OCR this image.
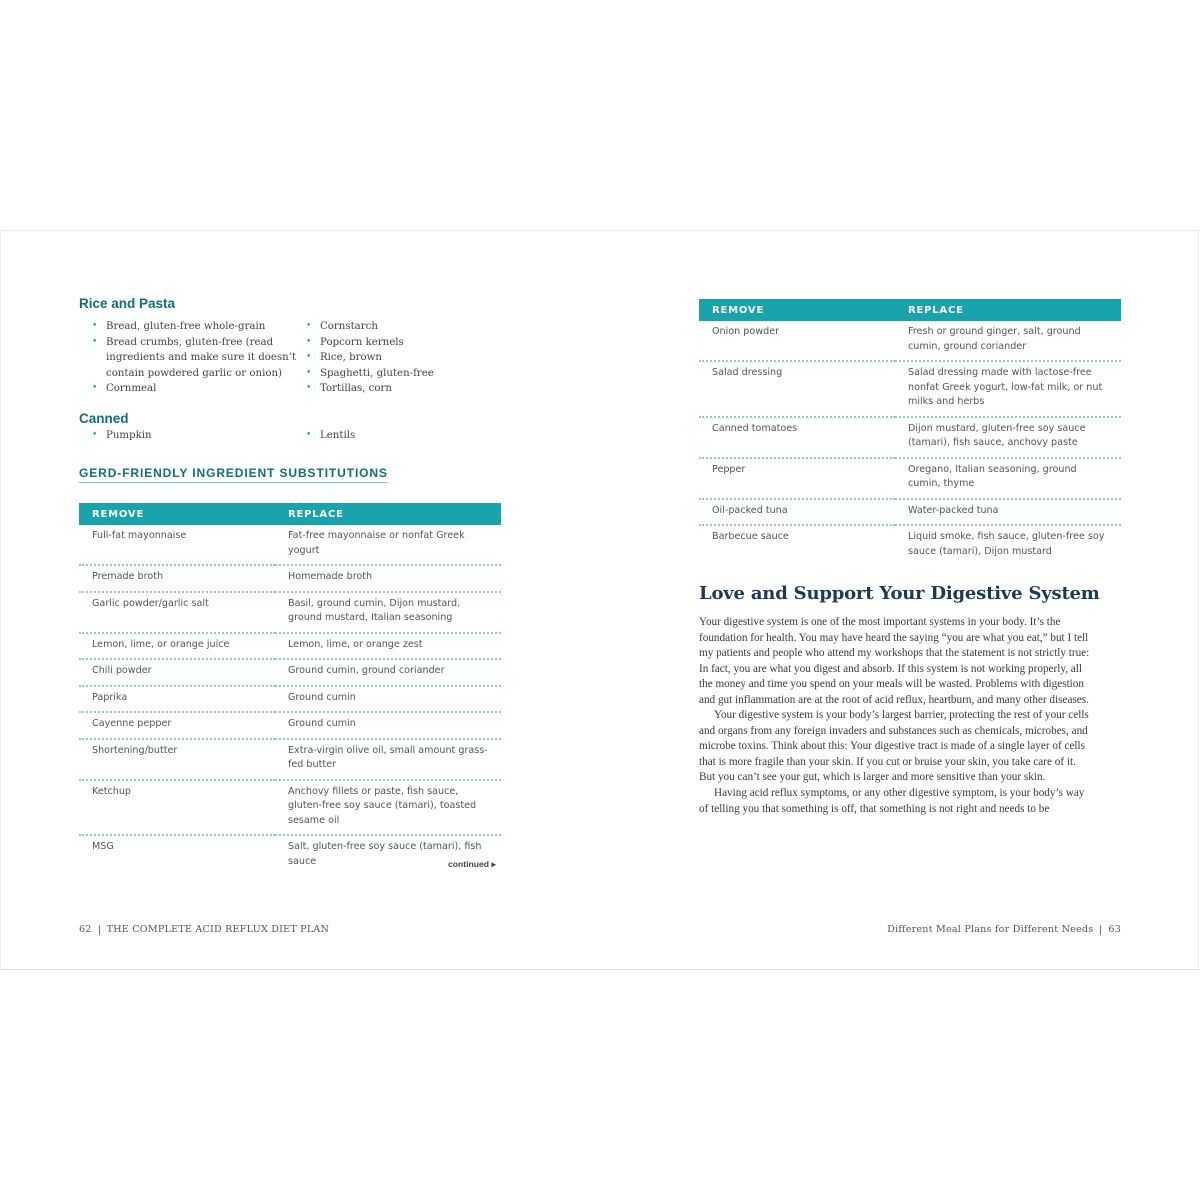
Rice and Pasta
• Bread, gluten-free whole-grain
• Bread crumbs, gluten-free (read ingredients and make sure it doesn’t contain powdered garlic or onion)
• Cornmeal
• Cornstarch
• Popcorn kernels
• Rice, brown
• Spaghetti, gluten-free
• Tortillas, corn
Canned
• Pumpkin	• Lentils
GERD-FRIENDLY INGREDIENT SUBSTITUTIONS
REMOVE	REPLACE
Full-fat mayonnaise	Fat-free mayonnaise or nonfat Greek yogurt
Premade broth	Homemade broth
Garlic powder/garlic salt	Basil, ground cumin, Dijon mustard, ground mustard, Italian seasoning
Lemon, lime, or orange juice	Lemon, lime, or orange zest
Chili powder	Ground cumin, ground coriander
Paprika	Ground cumin
Cayenne pepper	Ground cumin
Shortening/butter	Extra-virgin olive oil, small amount grass-fed butter
Ketchup	Anchovy fillets or paste, fish sauce, gluten-free soy sauce (tamari), toasted sesame oil
MSG	Salt, gluten-free soy sauce (tamari), fish sauce	continued ▸
62 THE COMPLETE ACID REFLUX DIET PLAN
REMOVE	REPLACE
Onion powder	Fresh or ground ginger, salt, ground cumin, ground coriander
Salad dressing	Salad dressing made with lactose-free nonfat Greek yogurt, low-fat milk, or nut milks and herbs
Canned tomatoes	Dijon mustard, gluten-free soy sauce (tamari), fish sauce, anchovy paste
Pepper	Oregano, Italian seasoning, ground cumin, thyme
Oil-packed tuna	Water-packed tuna
Barbecue sauce	Liquid smoke, fish sauce, gluten-free soy sauce (tamari), Dijon mustard
Love and Support Your Digestive System

Your digestive system is one of the most important systems in your body. It’s the foundation for health. You may have heard the saying “you are what you eat,” but I tell my patients and people who attend my workshops that the statement is not strictly true: In fact, you are what you digest and absorb. If this system is not working properly, all the money and time you spend on your meals will be wasted. Problems with digestion and gut inflammation are at the root of acid reflux, heartburn, and many other diseases.

Your digestive system is your body’s largest barrier, protecting the rest of your cells and organs from any foreign invaders and substances such as chemicals, microbes, and microbe toxins. Think about this: Your digestive tract is made of a single layer of cells that is more fragile than your skin. If you cut or bruise your skin, you take care of it. But you can’t see your gut, which is larger and more sensitive than your skin.

Having acid reflux symptoms, or any other digestive symptom, is your body’s way of telling you that something is off, that something is not right and needs to be

Different Meal Plans for Different Needs 63
